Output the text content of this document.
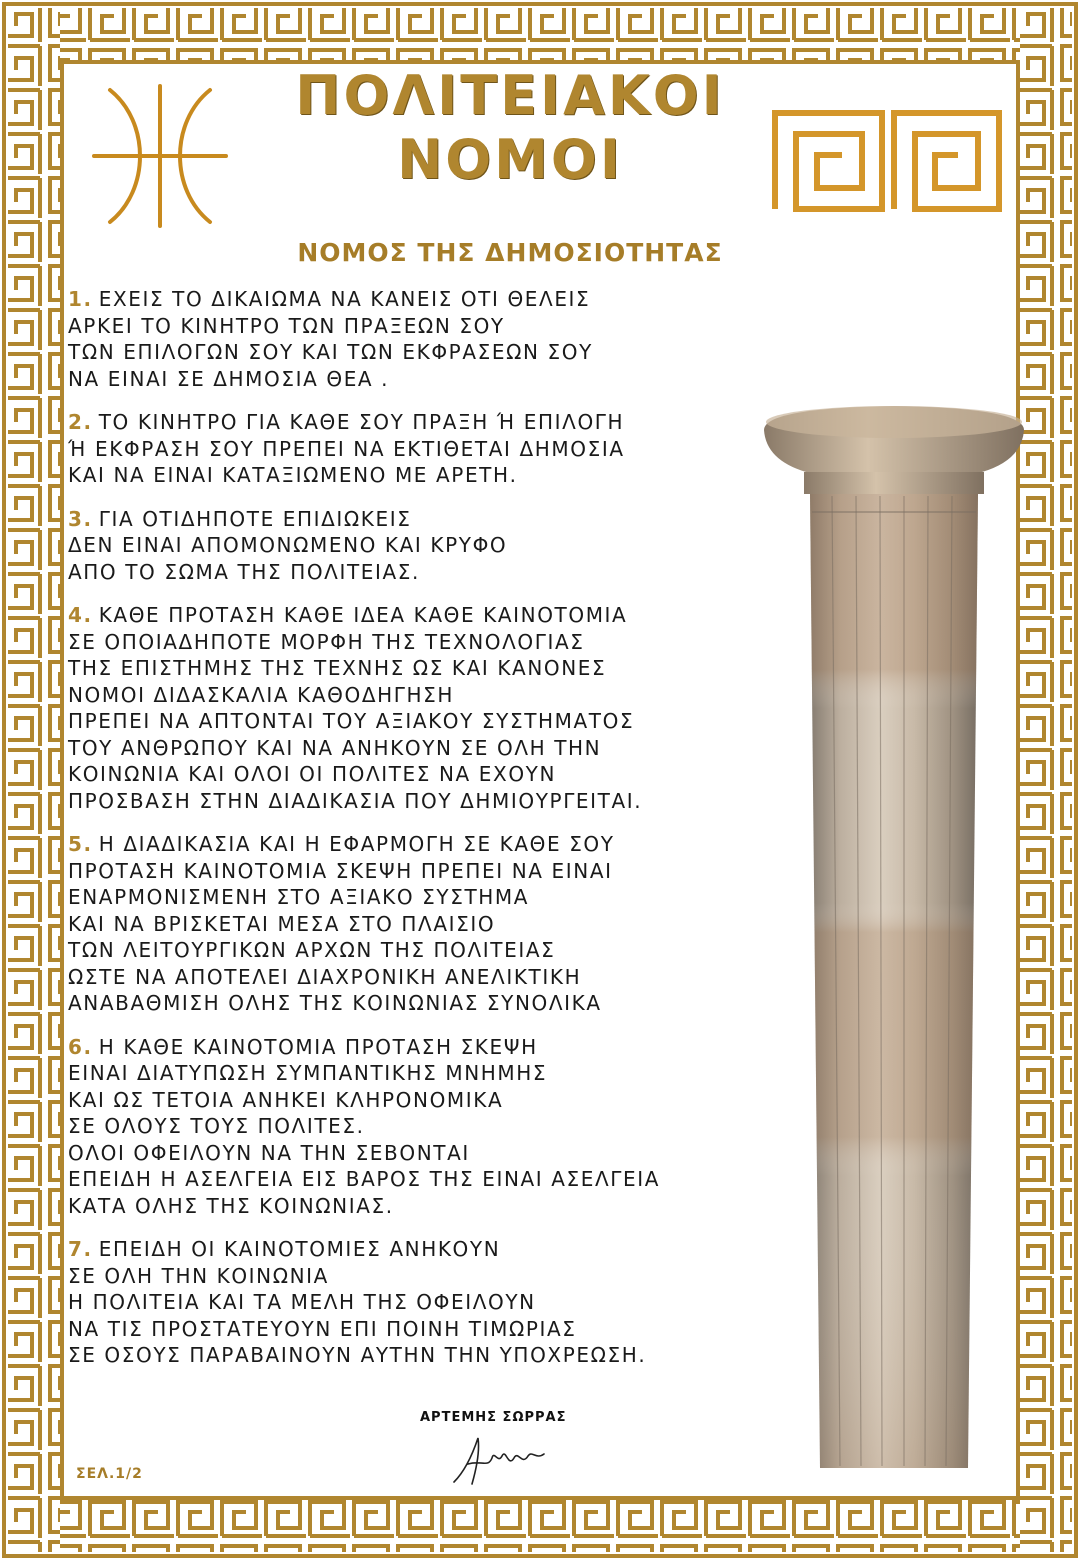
ΠΟΛΙΤΕΙΑΚΟΙ
ΝΟΜΟΙ
ΝΟΜΟΣ ΤΗΣ ΔΗΜΟΣΙΟΤΗΤΑΣ
1. ΕΧΕΙΣ ΤΟ ΔΙΚΑΙΩΜΑ ΝΑ ΚΑΝΕΙΣ ΟΤΙ ΘΕΛΕΙΣ
ΑΡΚΕΙ ΤΟ ΚΙΝΗΤΡΟ ΤΩΝ ΠΡΑΞΕΩΝ ΣΟΥ
ΤΩΝ ΕΠΙΛΟΓΩΝ ΣΟΥ ΚΑΙ ΤΩΝ ΕΚΦΡΑΣΕΩΝ ΣΟΥ
ΝΑ ΕΙΝΑΙ ΣΕ ΔΗΜΟΣΙΑ ΘΕΑ .
2. ΤΟ ΚΙΝΗΤΡΟ ΓΙΑ ΚΑΘΕ ΣΟΥ ΠΡΑΞΗ Ή ΕΠΙΛΟΓΗ
Ή ΕΚΦΡΑΣΗ ΣΟΥ ΠΡΕΠΕΙ ΝΑ ΕΚΤΙΘΕΤΑΙ ΔΗΜΟΣΙΑ
ΚΑΙ ΝΑ ΕΙΝΑΙ ΚΑΤΑΞΙΩΜΕΝΟ ΜΕ ΑΡΕΤΗ.
3. ΓΙΑ ΟΤΙΔΗΠΟΤΕ ΕΠΙΔΙΩΚΕΙΣ
ΔΕΝ ΕΙΝΑΙ ΑΠΟΜΟΝΩΜΕΝΟ ΚΑΙ ΚΡΥΦΟ
ΑΠΟ ΤΟ ΣΩΜΑ ΤΗΣ ΠΟΛΙΤΕΙΑΣ.
4. ΚΑΘΕ ΠΡΟΤΑΣΗ ΚΑΘΕ ΙΔΕΑ ΚΑΘΕ ΚΑΙΝΟΤΟΜΙΑ
ΣΕ ΟΠΟΙΑΔΗΠΟΤΕ ΜΟΡΦΗ ΤΗΣ ΤΕΧΝΟΛΟΓΙΑΣ
ΤΗΣ ΕΠΙΣΤΗΜΗΣ ΤΗΣ ΤΕΧΝΗΣ ΩΣ ΚΑΙ ΚΑΝΟΝΕΣ
ΝΟΜΟΙ ΔΙΔΑΣΚΑΛΙΑ ΚΑΘΟΔΗΓΗΣΗ
ΠΡΕΠΕΙ ΝΑ ΑΠΤΟΝΤΑΙ ΤΟΥ ΑΞΙΑΚΟΥ ΣΥΣΤΗΜΑΤΟΣ
ΤΟΥ ΑΝΘΡΩΠΟΥ ΚΑΙ ΝΑ ΑΝΗΚΟΥΝ ΣΕ ΟΛΗ ΤΗΝ
ΚΟΙΝΩΝΙΑ ΚΑΙ ΟΛΟΙ ΟΙ ΠΟΛΙΤΕΣ ΝΑ ΕΧΟΥΝ
ΠΡΟΣΒΑΣΗ ΣΤΗΝ ΔΙΑΔΙΚΑΣΙΑ ΠΟΥ ΔΗΜΙΟΥΡΓΕΙΤΑΙ.
5. Η ΔΙΑΔΙΚΑΣΙΑ ΚΑΙ Η ΕΦΑΡΜΟΓΗ ΣΕ ΚΑΘΕ ΣΟΥ
ΠΡΟΤΑΣΗ ΚΑΙΝΟΤΟΜΙΑ ΣΚΕΨΗ ΠΡΕΠΕΙ ΝΑ ΕΙΝΑΙ
ΕΝΑΡΜΟΝΙΣΜΕΝΗ ΣΤΟ ΑΞΙΑΚΟ ΣΥΣΤΗΜΑ
ΚΑΙ ΝΑ ΒΡΙΣΚΕΤΑΙ ΜΕΣΑ ΣΤΟ ΠΛΑΙΣΙΟ
ΤΩΝ ΛΕΙΤΟΥΡΓΙΚΩΝ ΑΡΧΩΝ ΤΗΣ ΠΟΛΙΤΕΙΑΣ
ΩΣΤΕ ΝΑ ΑΠΟΤΕΛΕΙ ΔΙΑΧΡΟΝΙΚΗ ΑΝΕΛΙΚΤΙΚΗ
ΑΝΑΒΑΘΜΙΣΗ ΟΛΗΣ ΤΗΣ ΚΟΙΝΩΝΙΑΣ ΣΥΝΟΛΙΚΑ
6. Η ΚΑΘΕ ΚΑΙΝΟΤΟΜΙΑ ΠΡΟΤΑΣΗ ΣΚΕΨΗ
ΕΙΝΑΙ ΔΙΑΤΥΠΩΣΗ ΣΥΜΠΑΝΤΙΚΗΣ ΜΝΗΜΗΣ
ΚΑΙ ΩΣ ΤΕΤΟΙΑ ΑΝΗΚΕΙ ΚΛΗΡΟΝΟΜΙΚΑ
ΣΕ ΟΛΟΥΣ ΤΟΥΣ ΠΟΛΙΤΕΣ.
ΟΛΟΙ ΟΦΕΙΛΟΥΝ ΝΑ ΤΗΝ ΣΕΒΟΝΤΑΙ
ΕΠΕΙΔΗ Η ΑΣΕΛΓΕΙΑ ΕΙΣ ΒΑΡΟΣ ΤΗΣ ΕΙΝΑΙ ΑΣΕΛΓΕΙΑ
ΚΑΤΑ ΟΛΗΣ ΤΗΣ ΚΟΙΝΩΝΙΑΣ.
7. ΕΠΕΙΔΗ ΟΙ ΚΑΙΝΟΤΟΜΙΕΣ ΑΝΗΚΟΥΝ
ΣΕ ΟΛΗ ΤΗΝ ΚΟΙΝΩΝΙΑ
Η ΠΟΛΙΤΕΙΑ ΚΑΙ ΤΑ ΜΕΛΗ ΤΗΣ ΟΦΕΙΛΟΥΝ
ΝΑ ΤΙΣ ΠΡΟΣΤΑΤΕΥΟΥΝ ΕΠΙ ΠΟΙΝΗ ΤΙΜΩΡΙΑΣ
ΣΕ ΟΣΟΥΣ ΠΑΡΑΒΑΙΝΟΥΝ ΑΥΤΗΝ ΤΗΝ ΥΠΟΧΡΕΩΣΗ.
ΑΡΤΕΜΗΣ ΣΩΡΡΑΣ
ΣΕΛ.1/2
